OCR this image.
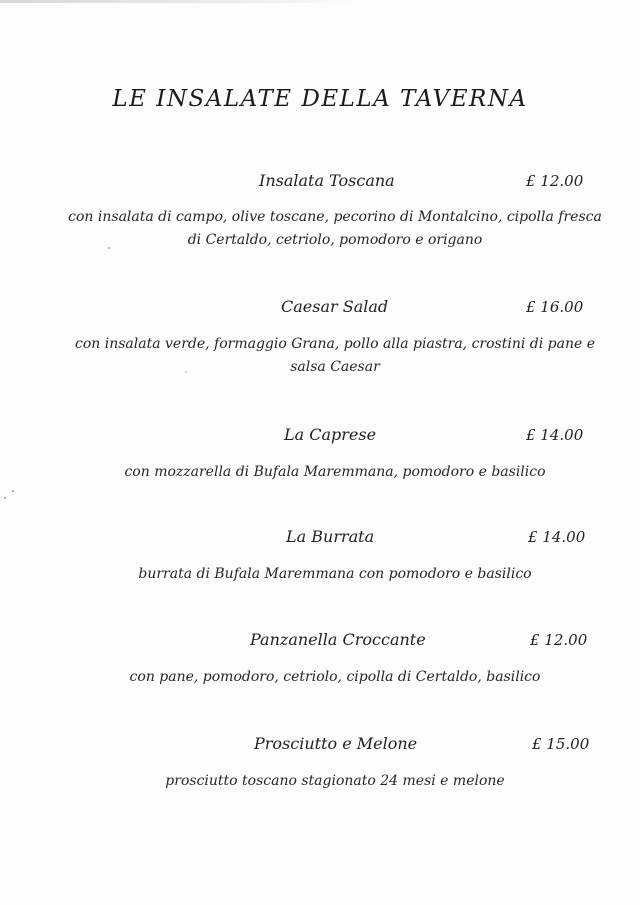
LE INSALATE DELLA TAVERNA
Insalata Toscana	£ 12.00

con insalata di campo, olive toscane, pecorino di Montalcino, cipolla fresca di Certaldo, cetriolo, pomodoro e origano

Caesar Salad	£ 16.00

con insalata verde, formaggio Grana, pollo alla piastra, crostini di pane e salsa Caesar

La Caprese	£ 14.00

con mozzarella di Bufala Maremmana, pomodoro e basilico

La Burrata	£ 14.00

burrata di Bufala Maremmana con pomodoro e basilico

Panzanella Croccante	£ 12.00

con pane, pomodoro, cetriolo, cipolla di Certaldo, basilico

Prosciutto e Melone	£ 15.00

prosciutto toscano stagionato 24 mesi e melone
